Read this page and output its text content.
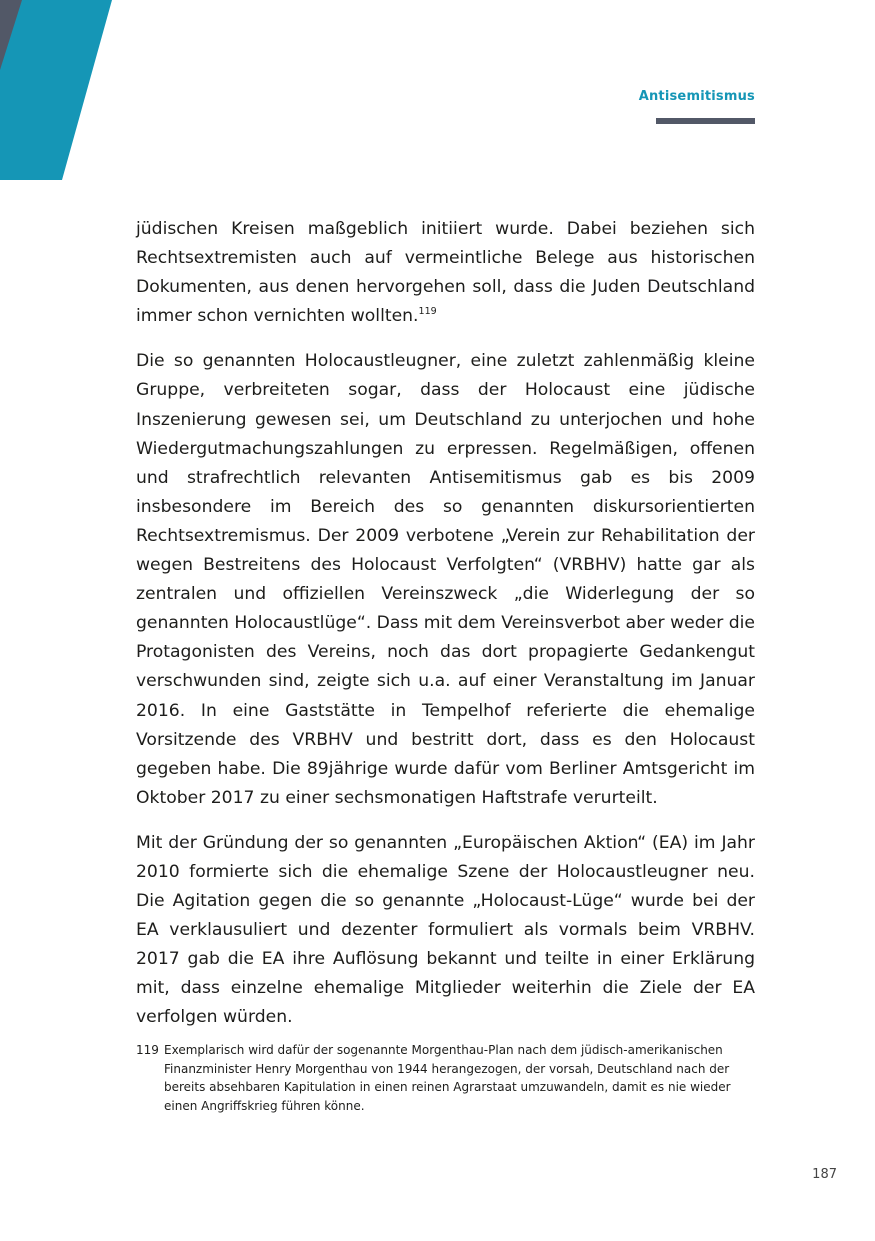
Antisemitismus

jüdischen Kreisen maßgeblich initiiert wurde. Dabei beziehen sich Rechtsextremisten auch auf vermeintliche Belege aus historischen Dokumenten, aus denen hervorgehen soll, dass die Juden Deutschland immer schon vernichten wollten.$^{119}$

Die so genannten Holocaustleugner, eine zuletzt zahlenmäßig kleine Gruppe, verbreiteten sogar, dass der Holocaust eine jüdische Inszenierung gewesen sei, um Deutschland zu unterjochen und hohe Wiedergutmachungszahlungen zu erpressen. Regelmäßigen, offenen und strafrechtlich relevanten Antisemitismus gab es bis 2009 insbesondere im Bereich des so genannten diskursorientierten Rechtsextremismus. Der 2009 verbotene „Verein zur Rehabilitation der wegen Bestreitens des Holocaust Verfolgten“ (VRBHV) hatte gar als zentralen und offiziellen Vereinszweck „die Widerlegung der so genannten Holocaustlüge“. Dass mit dem Vereinsverbot aber weder die Protagonisten des Vereins, noch das dort propagierte Gedankengut verschwunden sind, zeigte sich u.a. auf einer Veranstaltung im Januar 2016. In eine Gaststätte in Tempelhof referierte die ehemalige Vorsitzende des VRBHV und bestritt dort, dass es den Holocaust gegeben habe. Die 89jährige wurde dafür vom Berliner Amtsgericht im Oktober 2017 zu einer sechsmonatigen Haftstrafe verurteilt.

Mit der Gründung der so genannten „Europäischen Aktion“ (EA) im Jahr 2010 formierte sich die ehemalige Szene der Holocaustleugner neu. Die Agitation gegen die so genannte „Holocaust-Lüge“ wurde bei der EA verklausuliert und dezenter formuliert als vormals beim VRBHV. 2017 gab die EA ihre Auflösung bekannt und teilte in einer Erklärung mit, dass einzelne ehemalige Mitglieder weiterhin die Ziele der EA verfolgen würden.

119 Exemplarisch wird dafür der sogenannte Morgenthau-Plan nach dem jüdisch-amerikanischen Finanzminister Henry Morgenthau von 1944 herangezogen, der vorsah, Deutschland nach der bereits absehbaren Kapitulation in einen reinen Agrarstaat umzuwandeln, damit es nie wieder einen Angriffskrieg führen könne.
187
